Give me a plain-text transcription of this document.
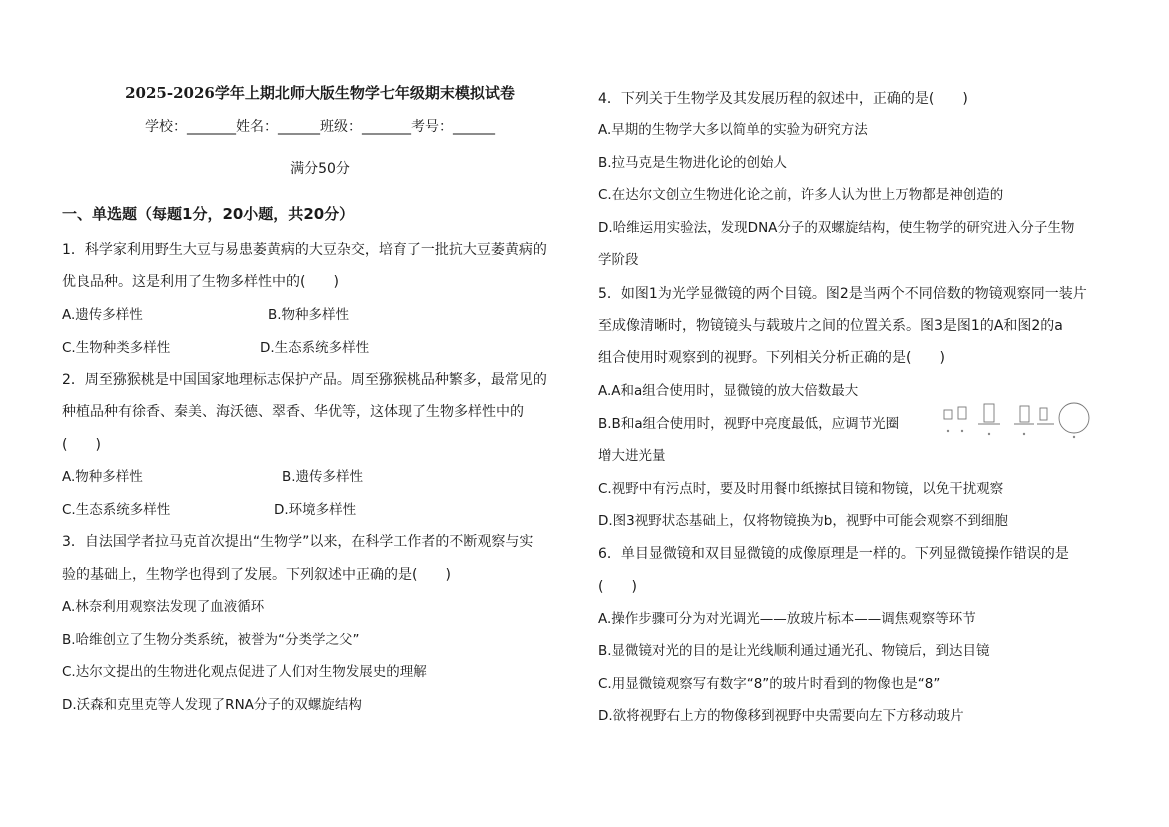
2025-2026学年上期北师大版生物学七年级期末模拟试卷
学校：_______姓名：______班级：_______考号：______
满分50分
一、单选题（每题1分，20小题，共20分）
1．科学家利用野生大豆与易患萎黄病的大豆杂交，培育了一批抗大豆萎黄病的
优良品种。这是利用了生物多样性中的(　　)
A.遗传多样性	B.物种多样性
C.生物种类多样性	D.生态系统多样性
2．周至猕猴桃是中国国家地理标志保护产品。周至猕猴桃品种繁多，最常见的
种植品种有徐香、秦美、海沃德、翠香、华优等，这体现了生物多样性中的
(　　)
A.物种多样性	B.遗传多样性
C.生态系统多样性	D.环境多样性
3．自法国学者拉马克首次提出“生物学”以来，在科学工作者的不断观察与实
验的基础上，生物学也得到了发展。下列叙述中正确的是(　　)
A.林奈利用观察法发现了血液循环
B.哈维创立了生物分类系统，被誉为“分类学之父”
C.达尔文提出的生物进化观点促进了人们对生物发展史的理解
D.沃森和克里克等人发现了RNA分子的双螺旋结构
4．下列关于生物学及其发展历程的叙述中，正确的是(　　)
A.早期的生物学大多以简单的实验为研究方法
B.拉马克是生物进化论的创始人
C.在达尔文创立生物进化论之前，许多人认为世上万物都是神创造的
D.哈维运用实验法，发现DNA分子的双螺旋结构，使生物学的研究进入分子生物
学阶段
5．如图1为光学显微镜的两个目镜。图2是当两个不同倍数的物镜观察同一装片
至成像清晰时，物镜镜头与载玻片之间的位置关系。图3是图1的A和图2的a
组合使用时观察到的视野。下列相关分析正确的是(　　)
A.A和a组合使用时，显微镜的放大倍数最大
B.B和a组合使用时，视野中亮度最低，应调节光圈
增大进光量
C.视野中有污点时，要及时用餐巾纸擦拭目镜和物镜，以免干扰观察
D.图3视野状态基础上，仅将物镜换为b，视野中可能会观察不到细胞
6．单目显微镜和双目显微镜的成像原理是一样的。下列显微镜操作错误的是
(　　)
A.操作步骤可分为对光调光——放玻片标本——调焦观察等环节
B.显微镜对光的目的是让光线顺利通过通光孔、物镜后，到达目镜
C.用显微镜观察写有数字“8”的玻片时看到的物像也是“8”
D.欲将视野右上方的物像移到视野中央需要向左下方移动玻片
